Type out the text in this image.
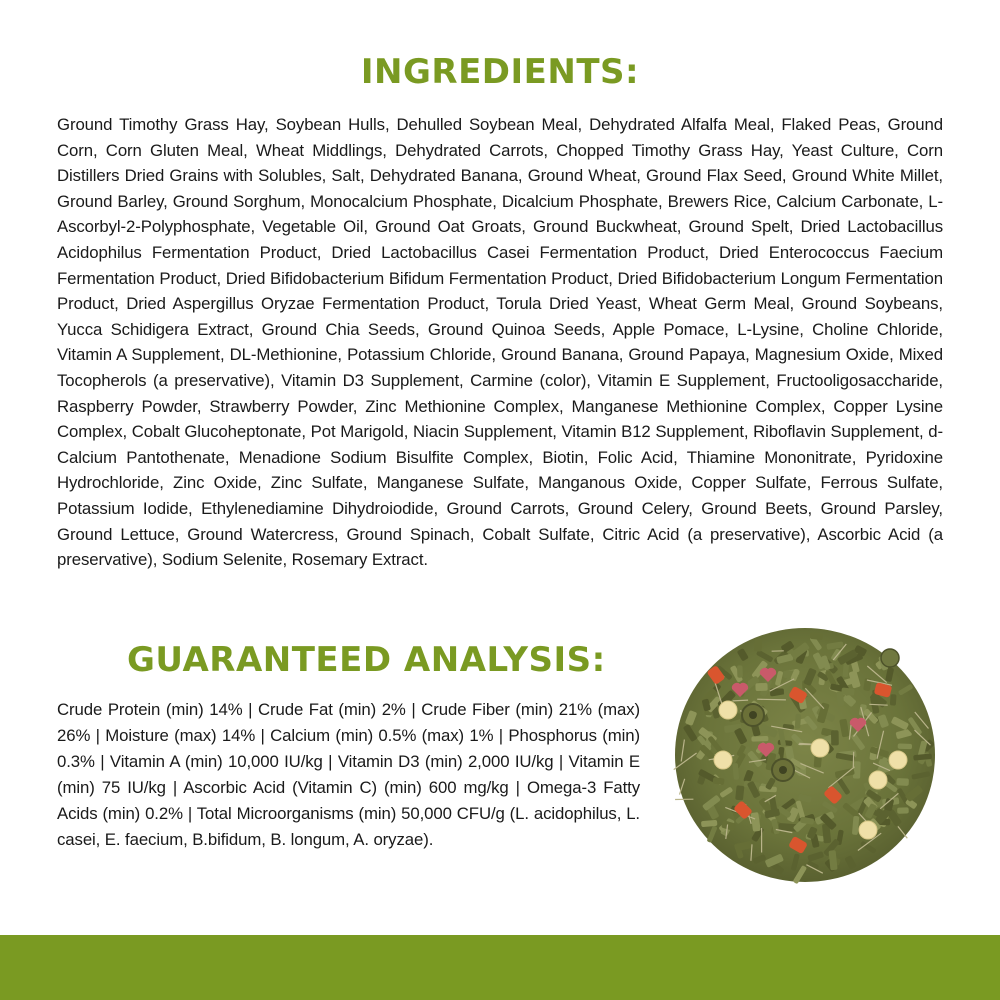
INGREDIENTS:

Ground Timothy Grass Hay, Soybean Hulls, Dehulled Soybean Meal, Dehydrated Alfalfa Meal, Flaked Peas, Ground Corn, Corn Gluten Meal, Wheat Middlings, Dehydrated Carrots, Chopped Timothy Grass Hay, Yeast Culture, Corn Distillers Dried Grains with Solubles, Salt, Dehydrated Banana, Ground Wheat, Ground Flax Seed, Ground White Millet, Ground Barley, Ground Sorghum, Monocalcium Phosphate, Dicalcium Phosphate, Brewers Rice, Calcium Carbonate, L-Ascorbyl-2-Polyphosphate, Vegetable Oil, Ground Oat Groats, Ground Buckwheat, Ground Spelt, Dried Lactobacillus Acidophilus Fermentation Product, Dried Lactobacillus Casei Fermentation Product, Dried Enterococcus Faecium Fermentation Product, Dried Bifidobacterium Bifidum Fermentation Product, Dried Bifidobacterium Longum Fermentation Product, Dried Aspergillus Oryzae Fermentation Product, Torula Dried Yeast, Wheat Germ Meal, Ground Soybeans, Yucca Schidigera Extract, Ground Chia Seeds, Ground Quinoa Seeds, Apple Pomace, L-Lysine, Choline Chloride, Vitamin A Supplement, DL-Methionine, Potassium Chloride, Ground Banana, Ground Papaya, Magnesium Oxide, Mixed Tocopherols (a preservative), Vitamin D3 Supplement, Carmine (color), Vitamin E Supplement, Fructooligosaccharide, Raspberry Powder, Strawberry Powder, Zinc Methionine Complex, Manganese Methionine Complex, Copper Lysine Complex, Cobalt Glucoheptonate, Pot Marigold, Niacin Supplement, Vitamin B12 Supplement, Riboflavin Supplement, d-Calcium Pantothenate, Menadione Sodium Bisulfite Complex, Biotin, Folic Acid, Thiamine Mononitrate, Pyridoxine Hydrochloride, Zinc Oxide, Zinc Sulfate, Manganese Sulfate, Manganous Oxide, Copper Sulfate, Ferrous Sulfate, Potassium Iodide, Ethylenediamine Dihydroiodide, Ground Carrots, Ground Celery, Ground Beets, Ground Parsley, Ground Lettuce, Ground Watercress, Ground Spinach, Cobalt Sulfate, Citric Acid (a preservative), Ascorbic Acid (a preservative), Sodium Selenite, Rosemary Extract.

GUARANTEED ANALYSIS:

Crude Protein (min) 14% | Crude Fat (min) 2% | Crude Fiber (min) 21% (max) 26% | Moisture (max) 14% | Calcium (min) 0.5% (max) 1% | Phosphorus (min) 0.3% | Vitamin A (min) 10,000 IU/kg | Vitamin D3 (min) 2,000 IU/kg | Vitamin E (min) 75 IU/kg | Ascorbic Acid (Vitamin C) (min) 600 mg/kg | Omega-3 Fatty Acids (min) 0.2% | Total Microorganisms (min) 50,000 CFU/g (L. acidophilus, L. casei, E. faecium, B.bifidum, B. longum, A. oryzae).
